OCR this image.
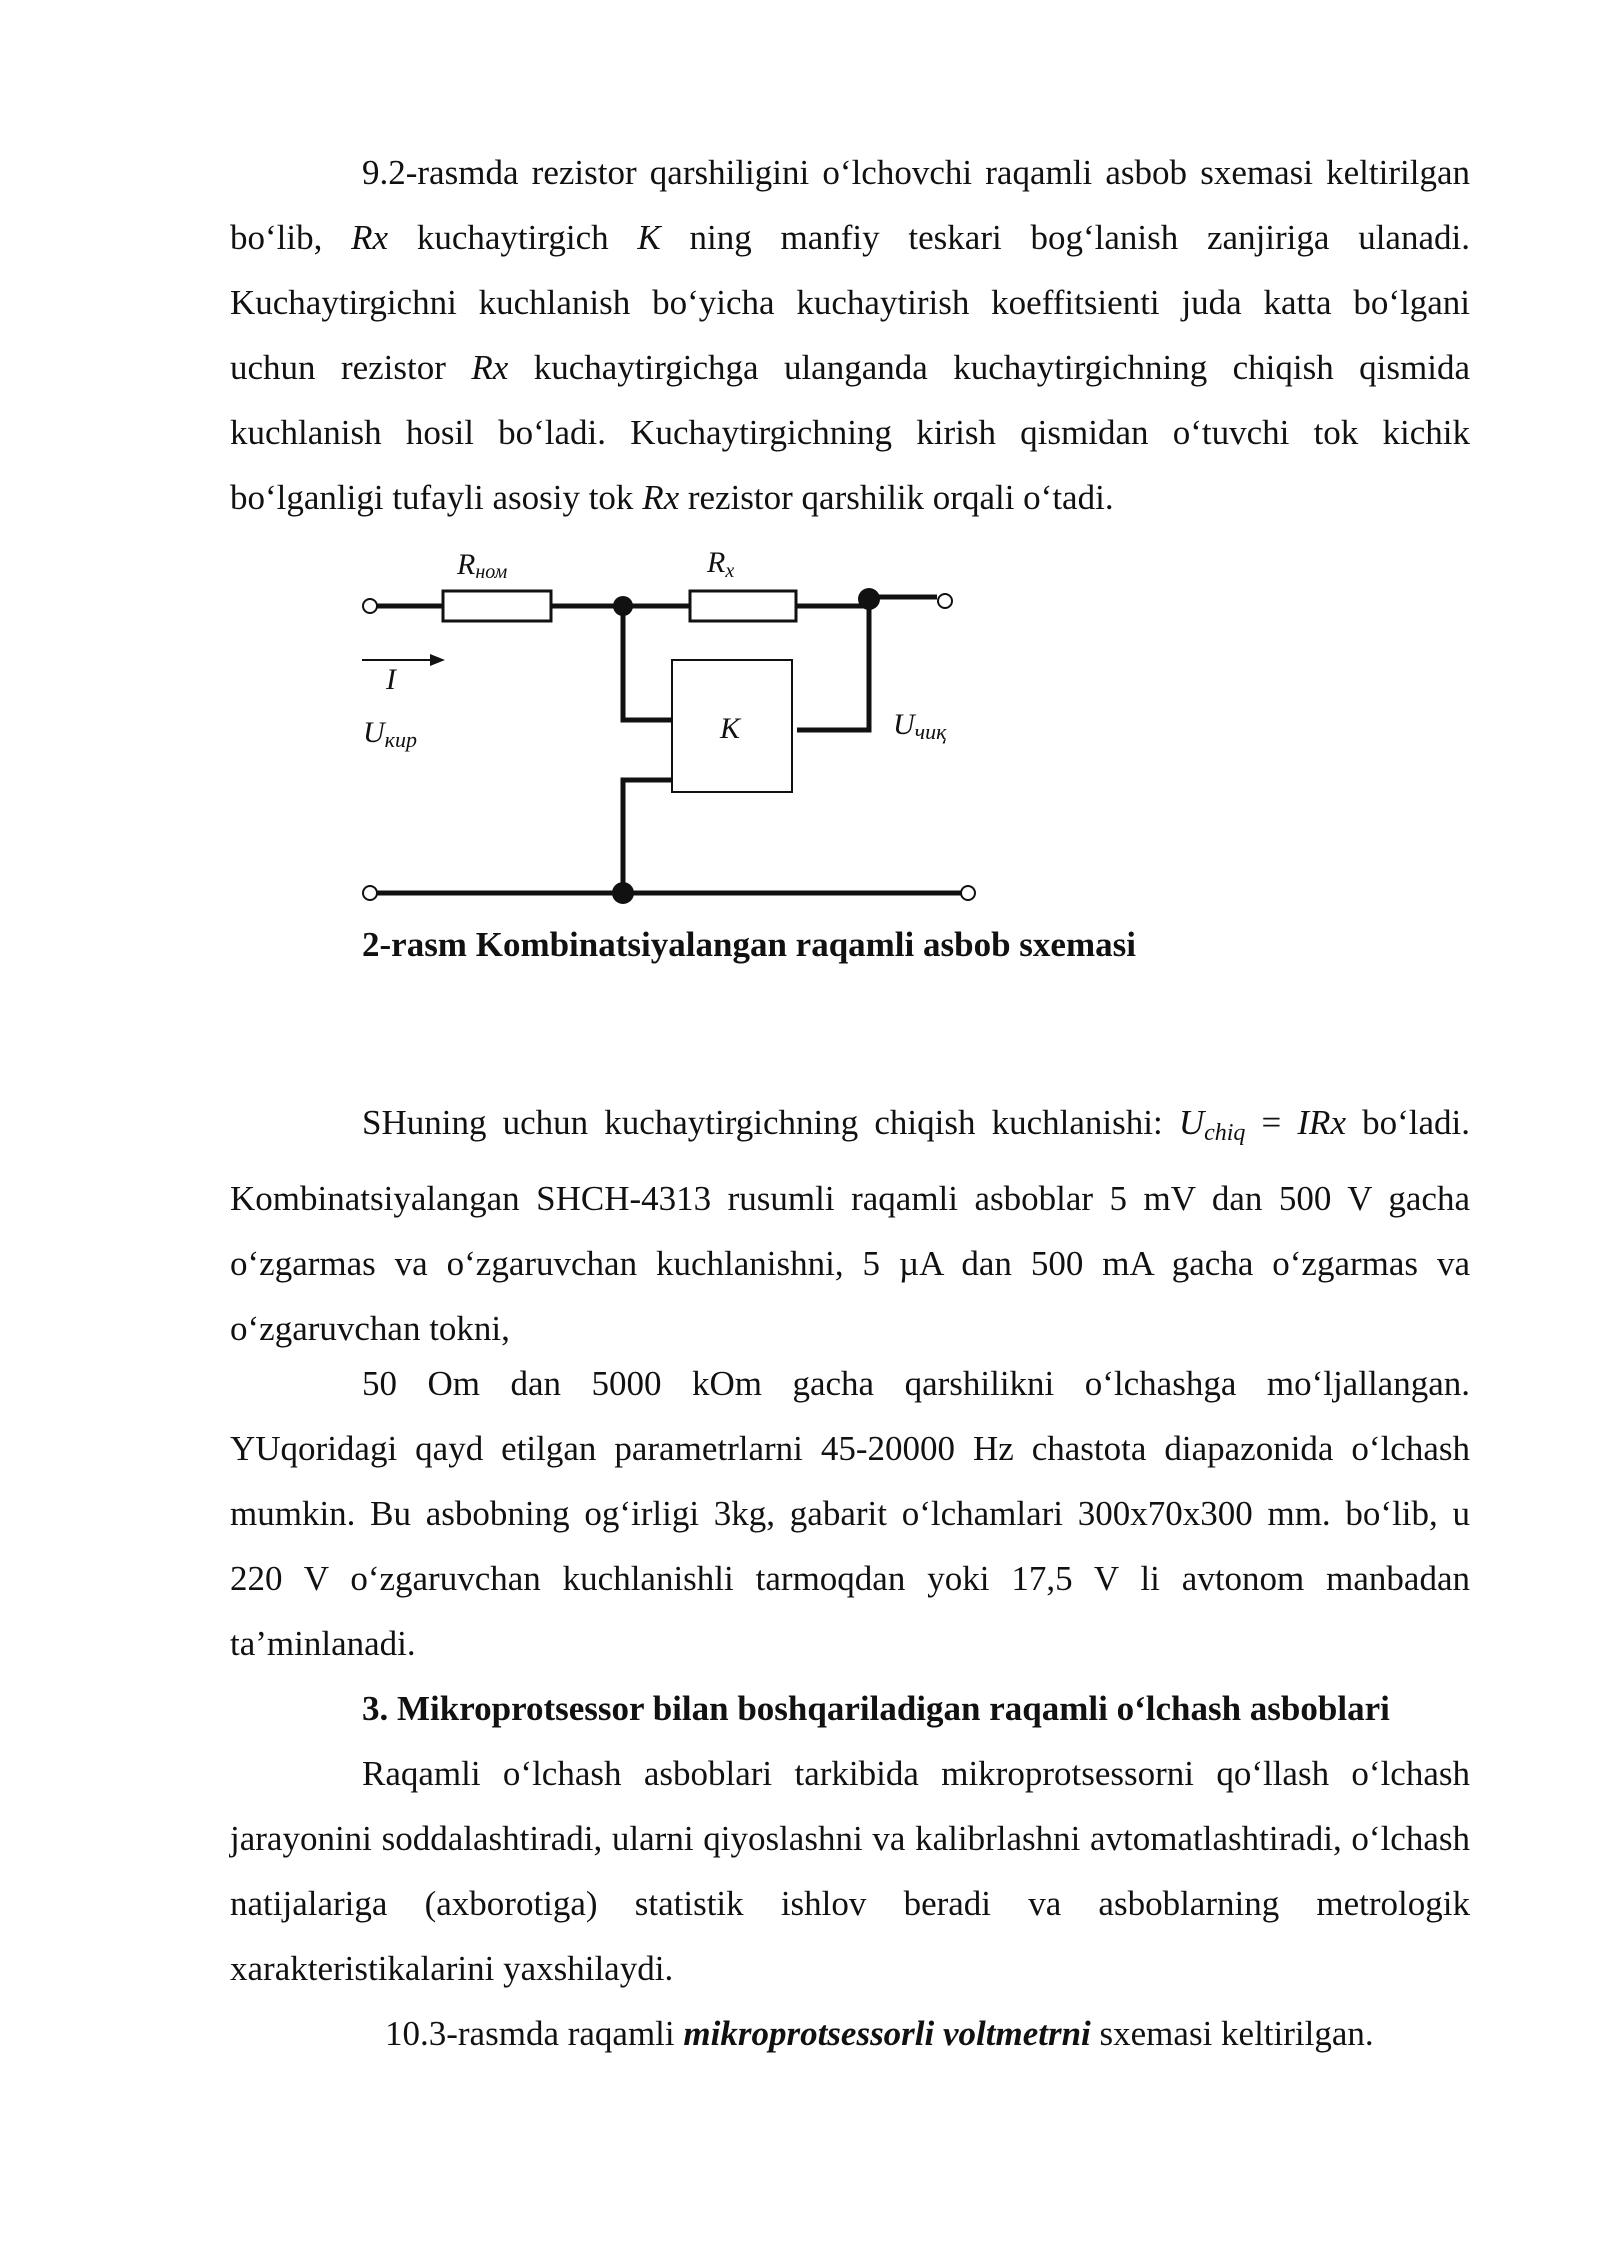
9.2-rasmda rezistor qarshiligini o‘lchovchi raqamli asbob sxemasi keltirilgan bo‘lib, Rx kuchaytirgich K ning manfiy teskari bog‘lanish zanjiriga ulanadi. Kuchaytirgichni kuchlanish bo‘yicha kuchaytirish koeffitsienti juda katta bo‘lgani uchun rezistor Rx kuchaytirgichga ulanganda kuchaytirgichning chiqish qismida kuchlanish hosil bo‘ladi. Kuchaytirgichning kirish qismidan o‘tuvchi tok kichik bo‘lganligi tufayli asosiy tok Rx rezistor qarshilik orqali o‘tadi.

Rном	Rx
I
Uкир	K	Uчиқ

2-rasm Kombinatsiyalangan raqamli asbob sxemasi

SHuning uchun kuchaytirgichning chiqish kuchlanishi: $U_{chiq}$ = IRx bo‘ladi. Kombinatsiyalangan SHCH-4313 rusumli raqamli asboblar 5 mV dan 500 V gacha o‘zgarmas va o‘zgaruvchan kuchlanishni, 5 µA dan 500 mA gacha o‘zgarmas va o‘zgaruvchan tokni,

50 Om dan 5000 kOm gacha qarshilikni o‘lchashga mo‘ljallangan. YUqoridagi qayd etilgan parametrlarni 45-20000 Hz chastota diapazonida o‘lchash mumkin. Bu asbobning og‘irligi 3kg, gabarit o‘lchamlari 300x70x300 mm. bo‘lib, u 220 V o‘zgaruvchan kuchlanishli tarmoqdan yoki 17,5 V li avtonom manbadan ta’minlanadi.

3. Mikroprotsessor bilan boshqariladigan raqamli o‘lchash asboblari

Raqamli o‘lchash asboblari tarkibida mikroprotsessorni qo‘llash o‘lchash jarayonini soddalashtiradi, ularni qiyoslashni va kalibrlashni avtomatlashtiradi, o‘lchash natijalariga (axborotiga) statistik ishlov beradi va asboblarning metrologik xarakteristikalarini yaxshilaydi.

10.3-rasmda raqamli mikroprotsessorli voltmetrni sxemasi keltirilgan.
